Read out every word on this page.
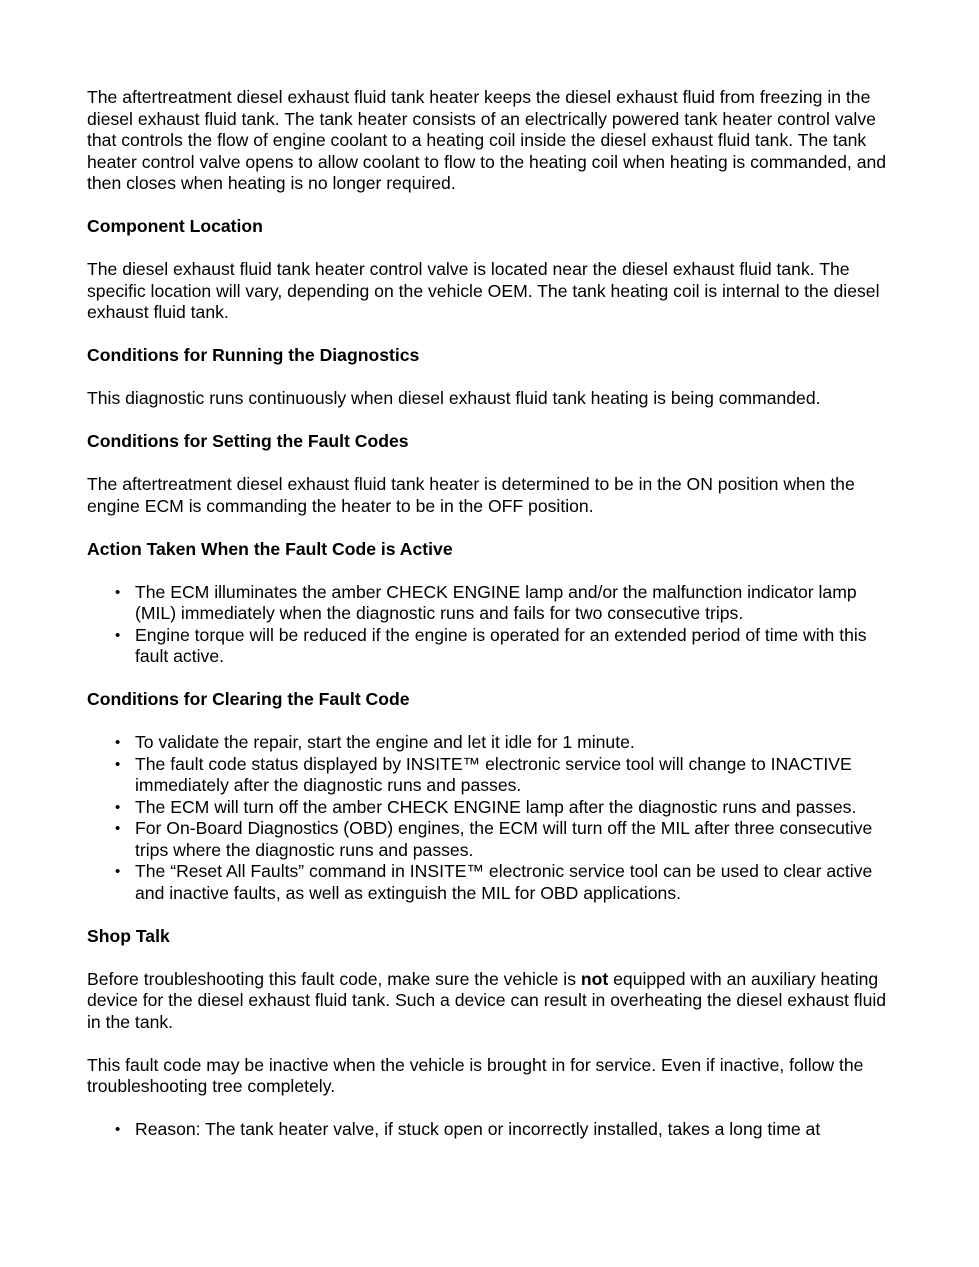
The aftertreatment diesel exhaust fluid tank heater keeps the diesel exhaust fluid from freezing in the diesel exhaust fluid tank. The tank heater consists of an electrically powered tank heater control valve that controls the flow of engine coolant to a heating coil inside the diesel exhaust fluid tank. The tank heater control valve opens to allow coolant to flow to the heating coil when heating is commanded, and then closes when heating is no longer required.

Component Location

The diesel exhaust fluid tank heater control valve is located near the diesel exhaust fluid tank. The specific location will vary, depending on the vehicle OEM. The tank heating coil is internal to the diesel exhaust fluid tank.

Conditions for Running the Diagnostics

This diagnostic runs continuously when diesel exhaust fluid tank heating is being commanded.

Conditions for Setting the Fault Codes

The aftertreatment diesel exhaust fluid tank heater is determined to be in the ON position when the engine ECM is commanding the heater to be in the OFF position.

Action Taken When the Fault Code is Active
• The ECM illuminates the amber CHECK ENGINE lamp and/or the malfunction indicator lamp (MIL) immediately when the diagnostic runs and fails for two consecutive trips.
• Engine torque will be reduced if the engine is operated for an extended period of time with this fault active.
Conditions for Clearing the Fault Code
• To validate the repair, start the engine and let it idle for 1 minute.
• The fault code status displayed by INSITE™ electronic service tool will change to INACTIVE immediately after the diagnostic runs and passes.
• The ECM will turn off the amber CHECK ENGINE lamp after the diagnostic runs and passes.
• For On-Board Diagnostics (OBD) engines, the ECM will turn off the MIL after three consecutive trips where the diagnostic runs and passes.
• The “Reset All Faults” command in INSITE™ electronic service tool can be used to clear active and inactive faults, as well as extinguish the MIL for OBD applications.
Shop Talk

Before troubleshooting this fault code, make sure the vehicle is not equipped with an auxiliary heating device for the diesel exhaust fluid tank. Such a device can result in overheating the diesel exhaust fluid in the tank.

This fault code may be inactive when the vehicle is brought in for service. Even if inactive, follow the troubleshooting tree completely.

• Reason: The tank heater valve, if stuck open or incorrectly installed, takes a long time at
